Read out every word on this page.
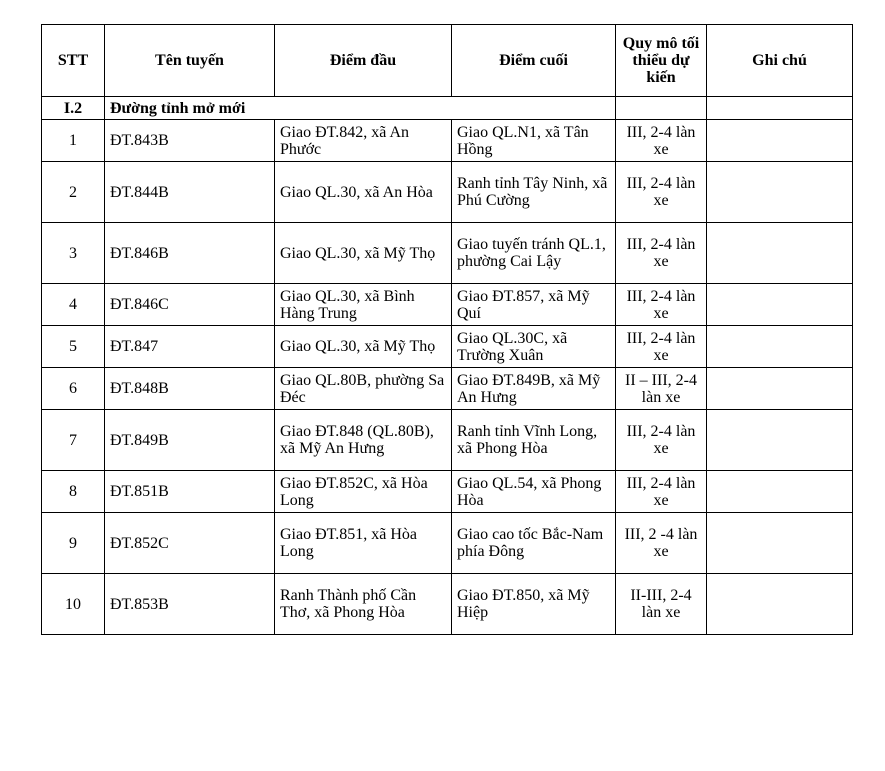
STT	Tên tuyến	Điểm đầu	Điểm cuối	Quy mô tối thiểu dự kiến	Ghi chú
I.2	Đường tỉnh mở mới				
1	ĐT.843B	Giao ĐT.842, xã An Phước	Giao QL.N1, xã Tân Hồng	III, 2-4 làn xe	
2	ĐT.844B	Giao QL.30, xã An Hòa	Ranh tỉnh Tây Ninh, xã Phú Cường	III, 2-4 làn xe	
3	ĐT.846B	Giao QL.30, xã Mỹ Thọ	Giao tuyến tránh QL.1, phường Cai Lậy	III, 2-4 làn xe	
4	ĐT.846C	Giao QL.30, xã Bình Hàng Trung	Giao ĐT.857, xã Mỹ Quí	III, 2-4 làn xe	
5	ĐT.847	Giao QL.30, xã Mỹ Thọ	Giao QL.30C, xã Trường Xuân	III, 2-4 làn xe	
6	ĐT.848B	Giao QL.80B, phường Sa Đéc	Giao ĐT.849B, xã Mỹ An Hưng	II – III, 2-4 làn xe	
7	ĐT.849B	Giao ĐT.848 (QL.80B), xã Mỹ An Hưng	Ranh tỉnh Vĩnh Long, xã Phong Hòa	III, 2-4 làn xe	
8	ĐT.851B	Giao ĐT.852C, xã Hòa Long	Giao QL.54, xã Phong Hòa	III, 2-4 làn xe	
9	ĐT.852C	Giao ĐT.851, xã Hòa Long	Giao cao tốc Bắc-Nam phía Đông	III, 2 -4 làn xe	
10	ĐT.853B	Ranh Thành phố Cần Thơ, xã Phong Hòa	Giao ĐT.850, xã Mỹ Hiệp	II-III, 2-4 làn xe	
